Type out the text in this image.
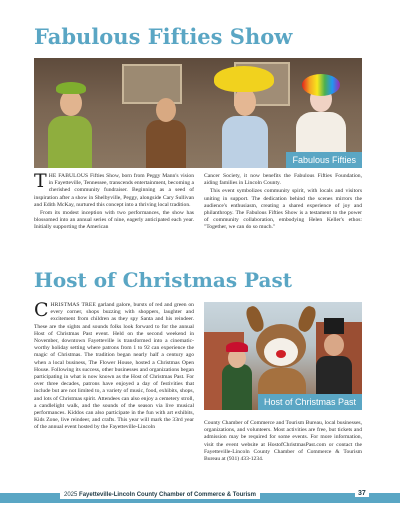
Fabulous Fifties Show
Fabulous Fifties

THE FABULOUS Fifties Show, born from Peggy Mann's vision in Fayetteville, Tennessee, transcends entertainment, becoming a cherished community fundraiser. Beginning as a seed of inspiration after a show in Shelbyville, Peggy, alongside Cary Sullivan and Edith McKay, nurtured this concept into a thriving local tradition.

From its modest inception with two performances, the show has blossomed into an annual series of nine, eagerly anticipated each year. Initially supporting the American

Cancer Society, it now benefits the Fabulous Fifties Foundation, aiding families in Lincoln County.

This event symbolizes community spirit, with locals and visitors uniting in support. The dedication behind the scenes mirrors the audience's enthusiasm, creating a shared experience of joy and philanthropy. The Fabulous Fifties Show is a testament to the power of community collaboration, embodying Helen Keller's ethos: "Together, we can do so much."

Host of Christmas Past

CHRISTMAS TREE garland galore, bursts of red and green on every corner, shops buzzing with shoppers, laughter and excitement from children as they spy Santa and his reindeer. These are the sights and sounds folks look forward to for the annual Host of Christmas Past event. Held on the second weekend in November, downtown Fayetteville is transformed into a cinematic-worthy holiday setting where patrons from 1 to 92 can experience the magic of Christmas. The tradition began nearly half a century ago when a local business, The Flower House, hosted a Christmas Open House. Following its success, other businesses and organizations began participating in what is now known as the Host of Christmas Past. For over three decades, patrons have enjoyed a day of festivities that include but are not limited to, a variety of music, food, exhibits, shops, and lots of Christmas spirit. Attendees can also enjoy a cemetery stroll, a candlelight walk, and the sounds of the season via live musical performances. Kiddos can also participate in the fun with art exhibits, Kids Zone, live reindeer, and crafts. This year will mark the 33rd year of the annual event hosted by the Fayetteville-Lincoln

Host of Christmas Past

County Chamber of Commerce and Tourism Bureau, local businesses, organizations, and volunteers. Most activities are free, but tickets and admission may be required for some events. For more information, visit the event website at HostofChristmasPast.com or contact the Fayetteville-Lincoln County Chamber of Commerce & Tourism Bureau at (931) 433-1234.

2025 Fayetteville-Lincoln County Chamber of Commerce & Tourism	37
